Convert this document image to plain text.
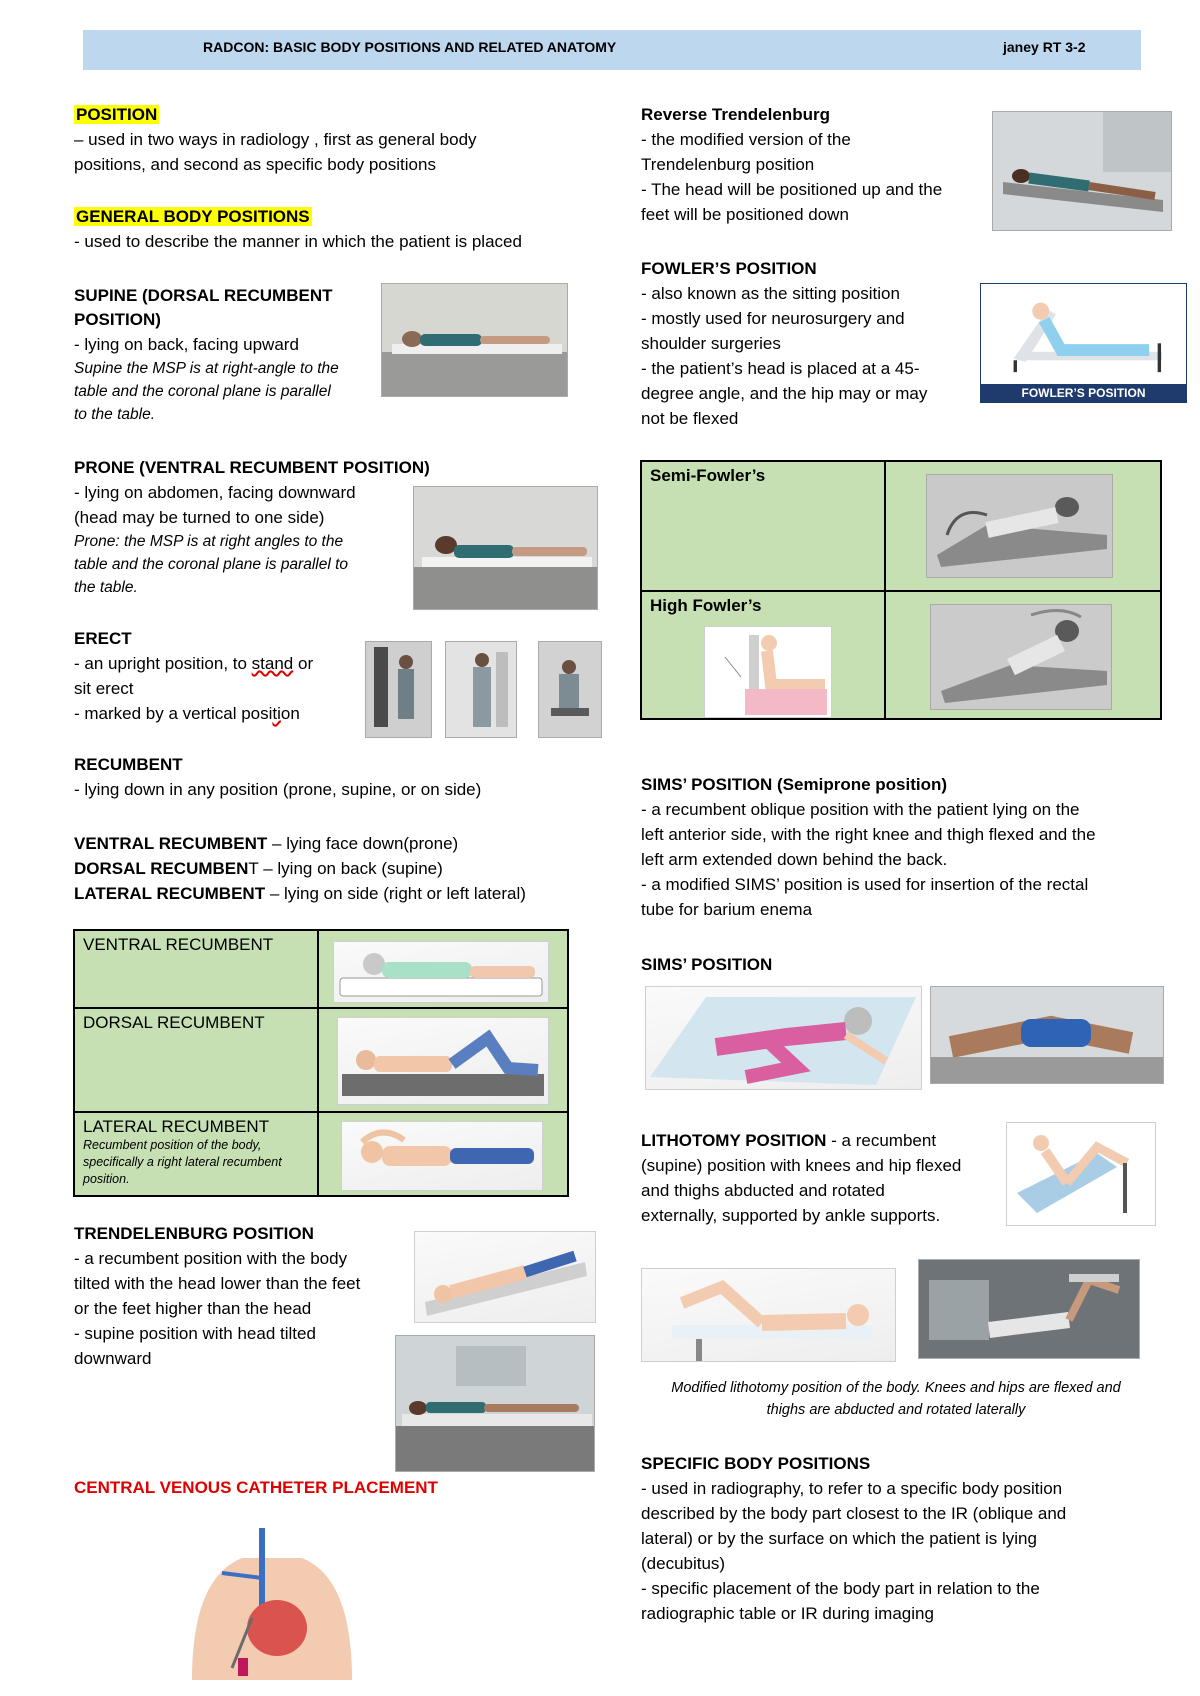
RADCON: BASIC BODY POSITIONS AND RELATED ANATOMY	janey RT 3-2
POSITION
– used in two ways in radiology , first as general body
positions, and second as specific body positions
GENERAL BODY POSITIONS
- used to describe the manner in which the patient is placed
SUPINE (DORSAL RECUMBENT
POSITION)
- lying on back, facing upward
Supine the MSP is at right-angle to the
table and the coronal plane is parallel
to the table.
PRONE (VENTRAL RECUMBENT POSITION)
- lying on abdomen, facing downward
(head may be turned to one side)
Prone: the MSP is at right angles to the
table and the coronal plane is parallel to
the table.
ERECT
- an upright position, to stand or
sit erect
- marked by a vertical position
RECUMBENT
- lying down in any position (prone, supine, or on side)
VENTRAL RECUMBENT – lying face down(prone)
DORSAL RECUMBENT – lying on back (supine)
LATERAL RECUMBENT – lying on side (right or left lateral)
VENTRAL RECUMBENT	

DORSAL RECUMBENT	

LATERAL RECUMBENT
Recumbent position of the body, specifically a right lateral recumbent position.

TRENDELENBURG POSITION
- a recumbent position with the body
tilted with the head lower than the feet
or the feet higher than the head
- supine position with head tilted
downward
CENTRAL VENOUS CATHETER PLACEMENT
Reverse Trendelenburg
- the modified version of the
Trendelenburg position
- The head will be positioned up and the
feet will be positioned down
FOWLER’S POSITION
- also known as the sitting position
- mostly used for neurosurgery and
shoulder surgeries
- the patient’s head is placed at a 45-
degree angle, and the hip may or may
not be flexed
FOWLER’S POSITION
Semi-Fowler’s	

High Fowler’s

SIMS’ POSITION (Semiprone position)
- a recumbent oblique position with the patient lying on the
left anterior side, with the right knee and thigh flexed and the
left arm extended down behind the back.
- a modified SIMS’ position is used for insertion of the rectal
tube for barium enema
SIMS’ POSITION
LITHOTOMY POSITION - a recumbent
(supine) position with knees and hip flexed
and thighs abducted and rotated
externally, supported by ankle supports.
Modified lithotomy position of the body. Knees and hips are flexed and
thighs are abducted and rotated laterally
SPECIFIC BODY POSITIONS
- used in radiography, to refer to a specific body position
described by the body part closest to the IR (oblique and
lateral) or by the surface on which the patient is lying
(decubitus)
- specific placement of the body part in relation to the
radiographic table or IR during imaging
